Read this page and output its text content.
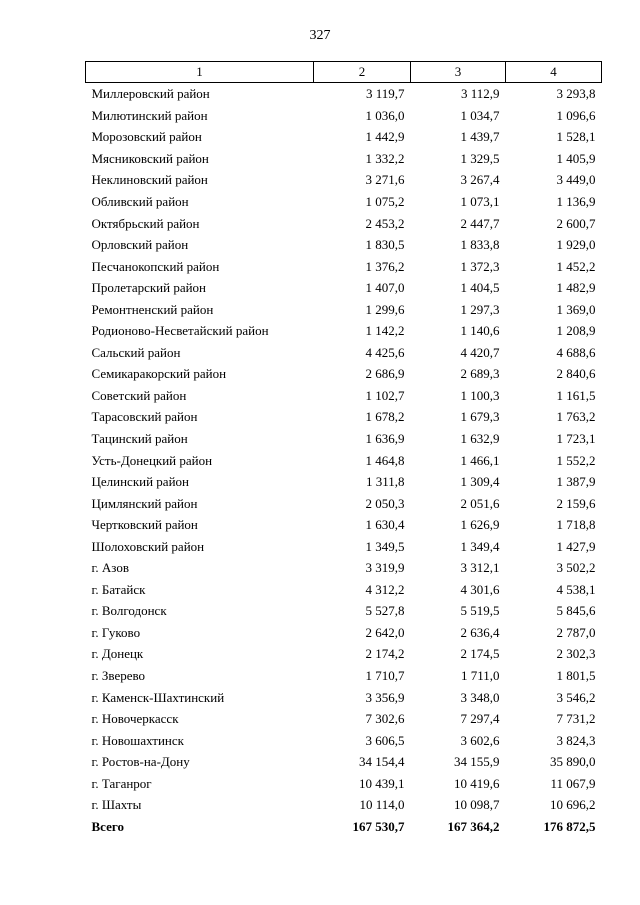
327
1	2	3	4
Миллеровский район	3 119,7	3 112,9	3 293,8
Милютинский район	1 036,0	1 034,7	1 096,6
Морозовский район	1 442,9	1 439,7	1 528,1
Мясниковский район	1 332,2	1 329,5	1 405,9
Неклиновский район	3 271,6	3 267,4	3 449,0
Обливский район	1 075,2	1 073,1	1 136,9
Октябрьский район	2 453,2	2 447,7	2 600,7
Орловский район	1 830,5	1 833,8	1 929,0
Песчанокопский район	1 376,2	1 372,3	1 452,2
Пролетарский район	1 407,0	1 404,5	1 482,9
Ремонтненский район	1 299,6	1 297,3	1 369,0
Родионово-Несветайский район	1 142,2	1 140,6	1 208,9
Сальский район	4 425,6	4 420,7	4 688,6
Семикаракорский район	2 686,9	2 689,3	2 840,6
Советский район	1 102,7	1 100,3	1 161,5
Тарасовский район	1 678,2	1 679,3	1 763,2
Тацинский район	1 636,9	1 632,9	1 723,1
Усть-Донецкий район	1 464,8	1 466,1	1 552,2
Целинский район	1 311,8	1 309,4	1 387,9
Цимлянский район	2 050,3	2 051,6	2 159,6
Чертковский район	1 630,4	1 626,9	1 718,8
Шолоховский район	1 349,5	1 349,4	1 427,9
г. Азов	3 319,9	3 312,1	3 502,2
г. Батайск	4 312,2	4 301,6	4 538,1
г. Волгодонск	5 527,8	5 519,5	5 845,6
г. Гуково	2 642,0	2 636,4	2 787,0
г. Донецк	2 174,2	2 174,5	2 302,3
г. Зверево	1 710,7	1 711,0	1 801,5
г. Каменск-Шахтинский	3 356,9	3 348,0	3 546,2
г. Новочеркасск	7 302,6	7 297,4	7 731,2
г. Новошахтинск	3 606,5	3 602,6	3 824,3
г. Ростов-на-Дону	34 154,4	34 155,9	35 890,0
г. Таганрог	10 439,1	10 419,6	11 067,9
г. Шахты	10 114,0	10 098,7	10 696,2
Всего	167 530,7	167 364,2	176 872,5
